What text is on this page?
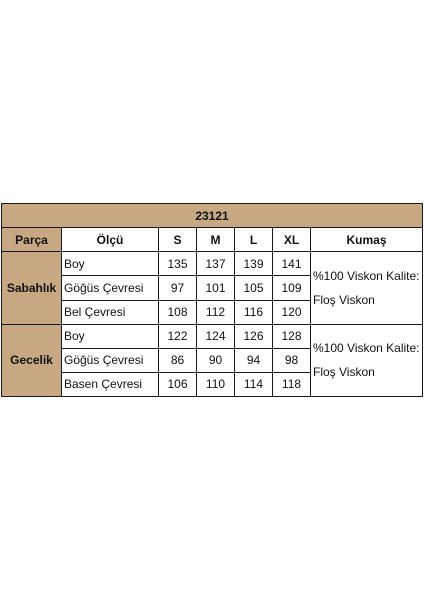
23121						
Parça	Ölçü	S	M	L	XL	Kumaş
Sabahlık	Boy	135	137	139	141	%100 Viskon Kalite:
Floş Viskon
	Göğüs Çevresi	97	101	105	109	
	Bel Çevresi	108	112	116	120	
Gecelik	Boy	122	124	126	128	%100 Viskon Kalite:
Floş Viskon
	Göğüs Çevresi	86	90	94	98	
	Basen Çevresi	106	110	114	118	
